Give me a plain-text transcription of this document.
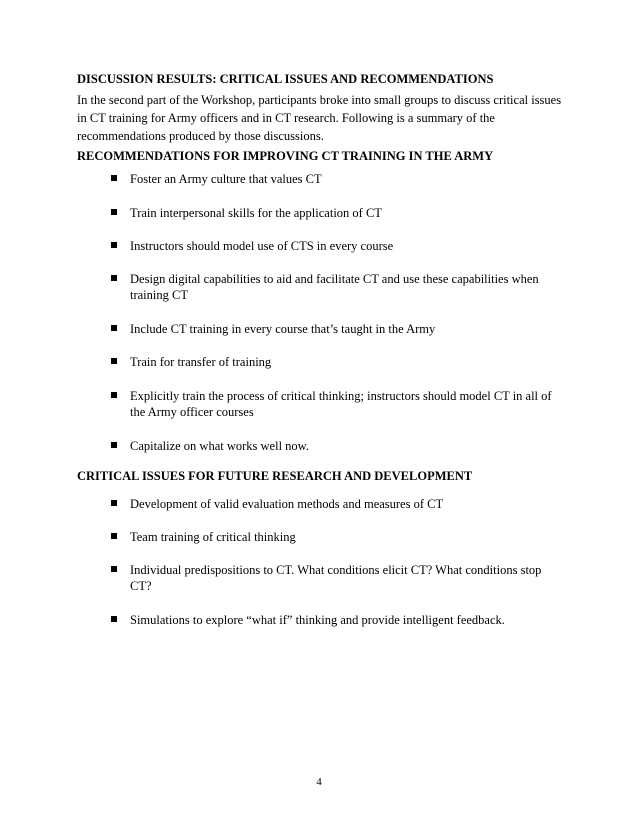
DISCUSSION RESULTS: CRITICAL ISSUES AND RECOMMENDATIONS

In the second part of the Workshop, participants broke into small groups to discuss critical issues
in CT training for Army officers and in CT research. Following is a summary of the
recommendations produced by those discussions.

RECOMMENDATIONS FOR IMPROVING CT TRAINING IN THE ARMY
Foster an Army culture that values CT
Train interpersonal skills for the application of CT
Instructors should model use of CTS in every course
Design digital capabilities to aid and facilitate CT and use these capabilities when
training CT
Include CT training in every course that’s taught in the Army
Train for transfer of training
Explicitly train the process of critical thinking; instructors should model CT in all of
the Army officer courses
Capitalize on what works well now.
CRITICAL ISSUES FOR FUTURE RESEARCH AND DEVELOPMENT
Development of valid evaluation methods and measures of CT
Team training of critical thinking
Individual predispositions to CT. What conditions elicit CT? What conditions stop
CT?
Simulations to explore “what if” thinking and provide intelligent feedback.
4
